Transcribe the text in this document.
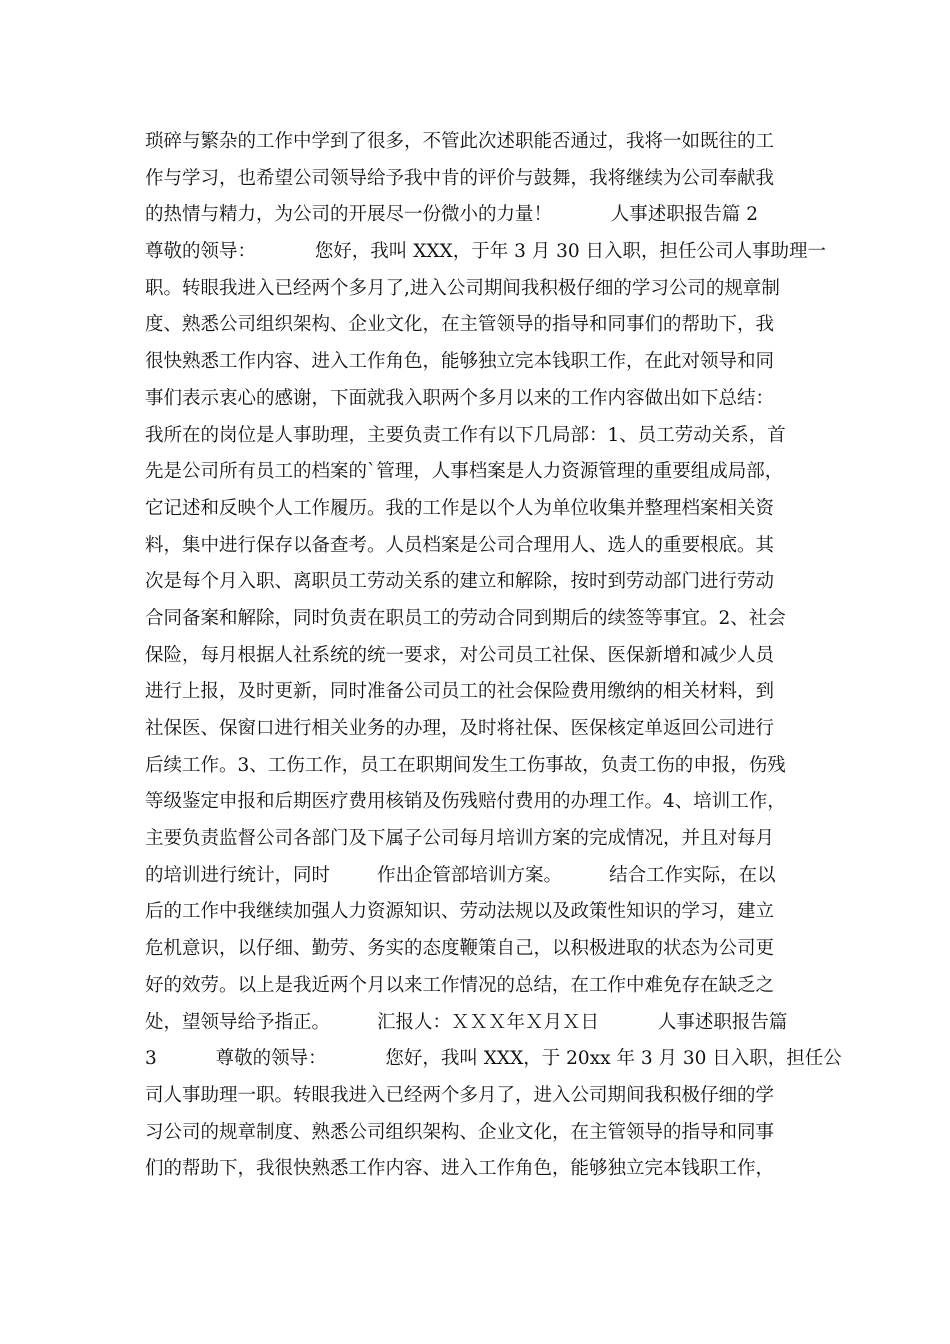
琐碎与繁杂的工作中学到了很多，不管此次述职能否通过，我将一如既往的工
作与学习，也希望公司领导给予我中肯的评价与鼓舞，我将继续为公司奉献我
的热情与精力，为公司的开展尽一份微小的力量！          人事述职报告篇 2
尊敬的领导：          您好，我叫 XXX，于年 3 月 30 日入职，担任公司人事助理一
职。转眼我进入已经两个多月了,进入公司期间我积极仔细的学习公司的规章制
度、熟悉公司组织架构、企业文化，在主管领导的指导和同事们的帮助下，我
很快熟悉工作内容、进入工作角色，能够独立完本钱职工作，在此对领导和同
事们表示衷心的感谢，下面就我入职两个多月以来的工作内容做出如下总结：
我所在的岗位是人事助理，主要负责工作有以下几局部：1、员工劳动关系，首
先是公司所有员工的档案的`管理，人事档案是人力资源管理的重要组成局部，
它记述和反映个人工作履历。我的工作是以个人为单位收集并整理档案相关资
料，集中进行保存以备查考。人员档案是公司合理用人、选人的重要根底。其
次是每个月入职、离职员工劳动关系的建立和解除，按时到劳动部门进行劳动
合同备案和解除，同时负责在职员工的劳动合同到期后的续签等事宜。2、社会
保险，每月根据人社系统的统一要求，对公司员工社保、医保新增和减少人员
进行上报，及时更新，同时准备公司员工的社会保险费用缴纳的相关材料，到
社保医、保窗口进行相关业务的办理，及时将社保、医保核定单返回公司进行
后续工作。3、工伤工作，员工在职期间发生工伤事故，负责工伤的申报，伤残
等级鉴定申报和后期医疗费用核销及伤残赔付费用的办理工作。4、培训工作，
主要负责监督公司各部门及下属子公司每月培训方案的完成情况，并且对每月
的培训进行统计，同时        作出企管部培训方案。        结合工作实际，在以
后的工作中我继续加强人力资源知识、劳动法规以及政策性知识的学习，建立
危机意识，以仔细、勤劳、务实的态度鞭策自己，以积极进取的状态为公司更
好的效劳。以上是我近两个月以来工作情况的总结，在工作中难免存在缺乏之
处，望领导给予指正。        汇报人：ＸＸＸ年Ｘ月Ｘ日          人事述职报告篇
3          尊敬的领导：          您好，我叫 XXX，于 20xx 年 3 月 30 日入职，担任公
司人事助理一职。转眼我进入已经两个多月了，进入公司期间我积极仔细的学
习公司的规章制度、熟悉公司组织架构、企业文化，在主管领导的指导和同事
们的帮助下，我很快熟悉工作内容、进入工作角色，能够独立完本钱职工作，
